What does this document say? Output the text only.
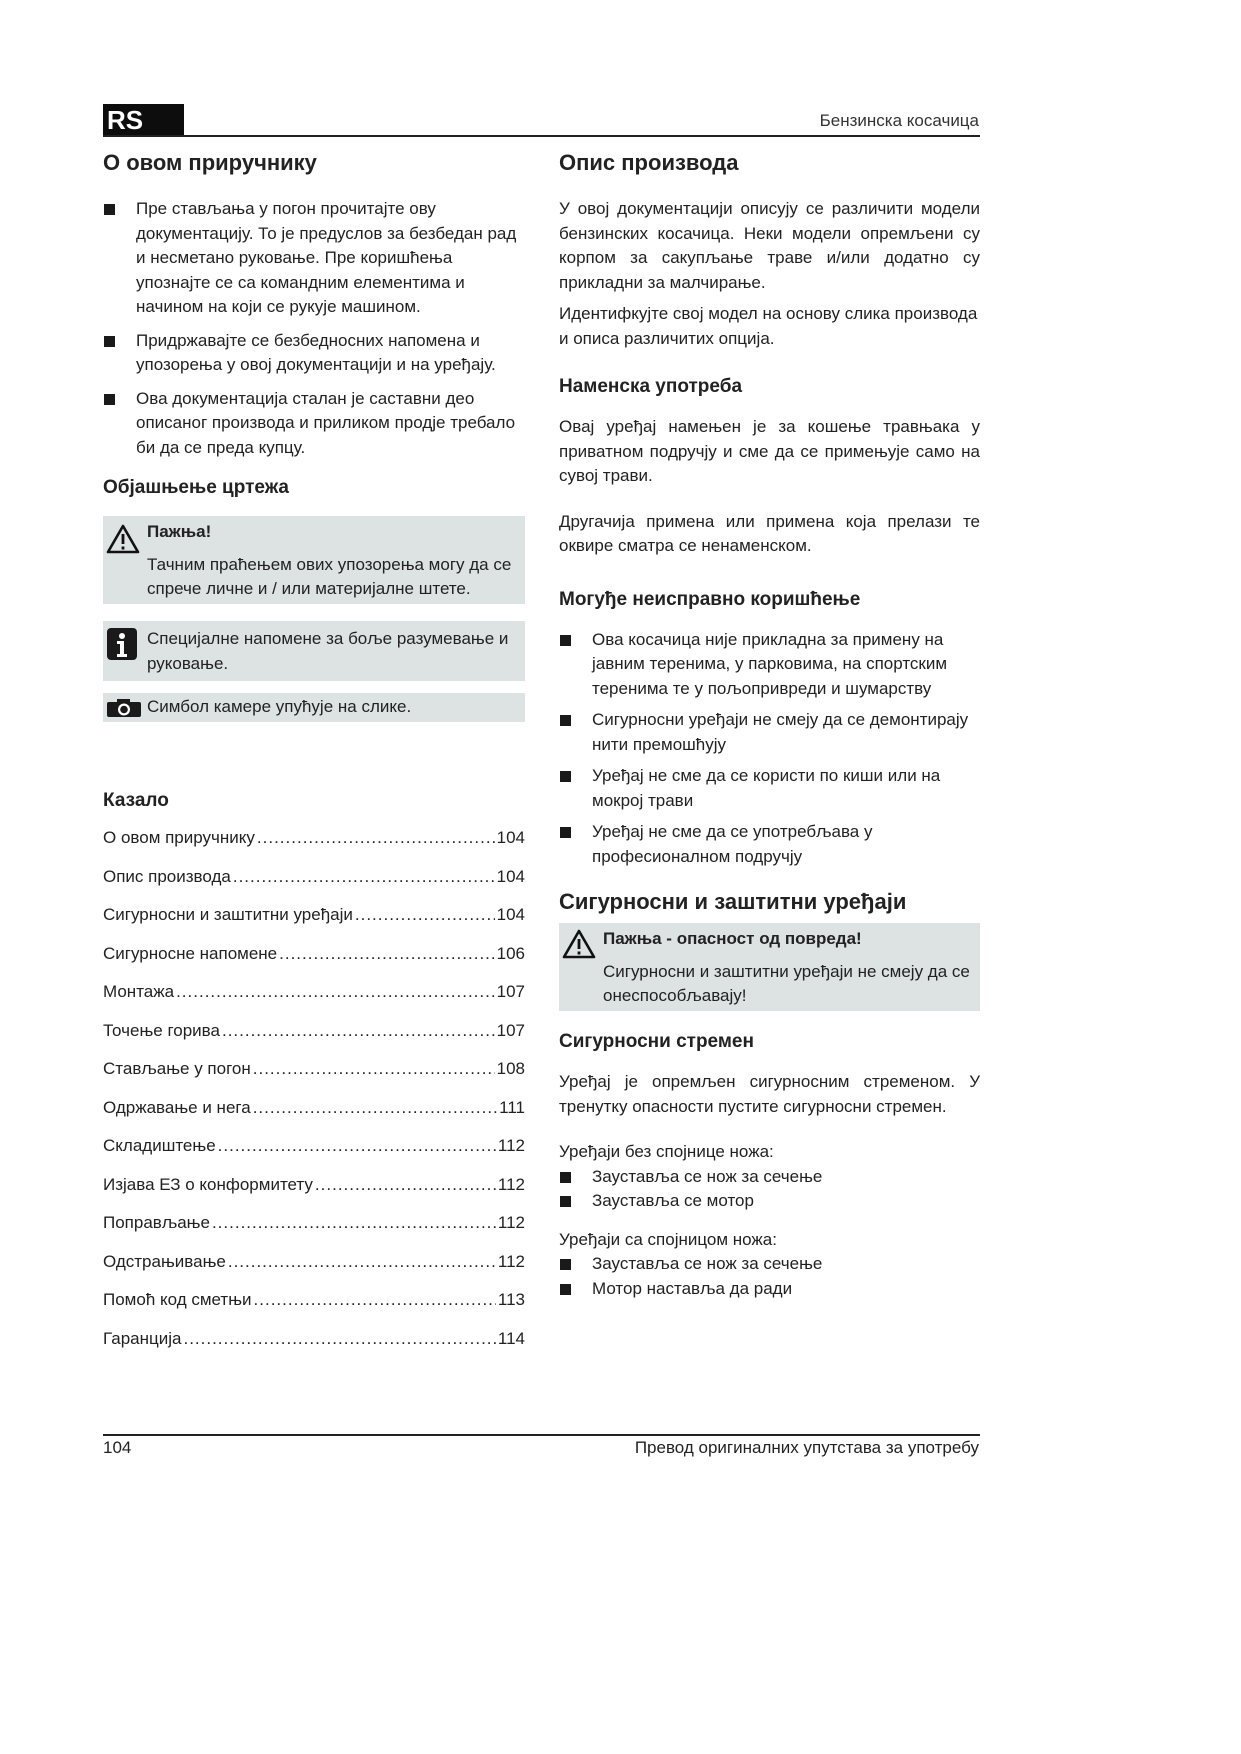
RS	Бензинска косачица
О овом приручнику
Пре стављања у погон прочитајте ову документацију. То је предуслов за безбедан рад и несметано руковање. Пре коришћења упознајте се са командним елементима и начином на који се рукује машином.
Придржавајте се безбедносних напомена и упозорења у овој документацији и на уређају.
Ова документација сталан је саставни део описаног производа и приликом продје требало би да се преда купцу.
Објашњење цртежа
Пажња!
Тачним праћењем ових упозорења могу да се спрече личне и / или материјалне штете.
Специјалне напомене за боље разумевање и руковање.
Симбол камере упућује на слике.
Казало
О овом приручнику .....	104
Опис производа .....	104
Сигурносни и заштитни уређаји .....	104
Сигурносне напомене .....	106
Монтажа .....	107
Точење горива .....	107
Стављање у погон .....	108
Одржавање и нега .....	111
Складиштење .....	112
Изјава ЕЗ о конформитету .....	112
Поправљање .....	112
Одстрањивање .....	112
Помоћ код сметњи .....	113
Гаранција .....	114
Опис производа

У овој документацији описују се различити модели бензинских косачица. Неки модели опремљени су корпом за сакупљање траве и/или додатно су прикладни за малчирање.

Идентифкујте свој модел на основу слика производа и описа различитих опција.

Наменска употреба

Овај уређај намењен је за кошење травњака у приватном подручју и сме да се примењује само на сувој трави.

Другачија примена или примена која прелази те оквире сматра се ненаменском.

Могуђе неисправно коришћење
Ова косачица није прикладна за примену на јавним теренима, у парковима, на спортским теренима те у пољопривреди и шумарству
Сигурносни уређаји не смеју да се демонтирају нити премошћују
Уређај не сме да се користи по киши или на мокрој трави
Уређај не сме да се употребљава у професионалном подручју
Сигурносни и заштитни уређаји
Пажња - опасност од повреда!
Сигурносни и заштитни уређаји не смеју да се онеспособљавају!
Сигурносни стремен

Уређај је опремљен сигурносним стременом. У тренутку опасности пустите сигурносни стремен.

Уређаји без спојнице ножа:

Зауставља се нож за сечење
Зауставља се мотор

Уређаји са спојницом ножа:

Зауставља се нож за сечење
Мотор наставља да ради
104	Превод оригиналних упутстава за употребу
